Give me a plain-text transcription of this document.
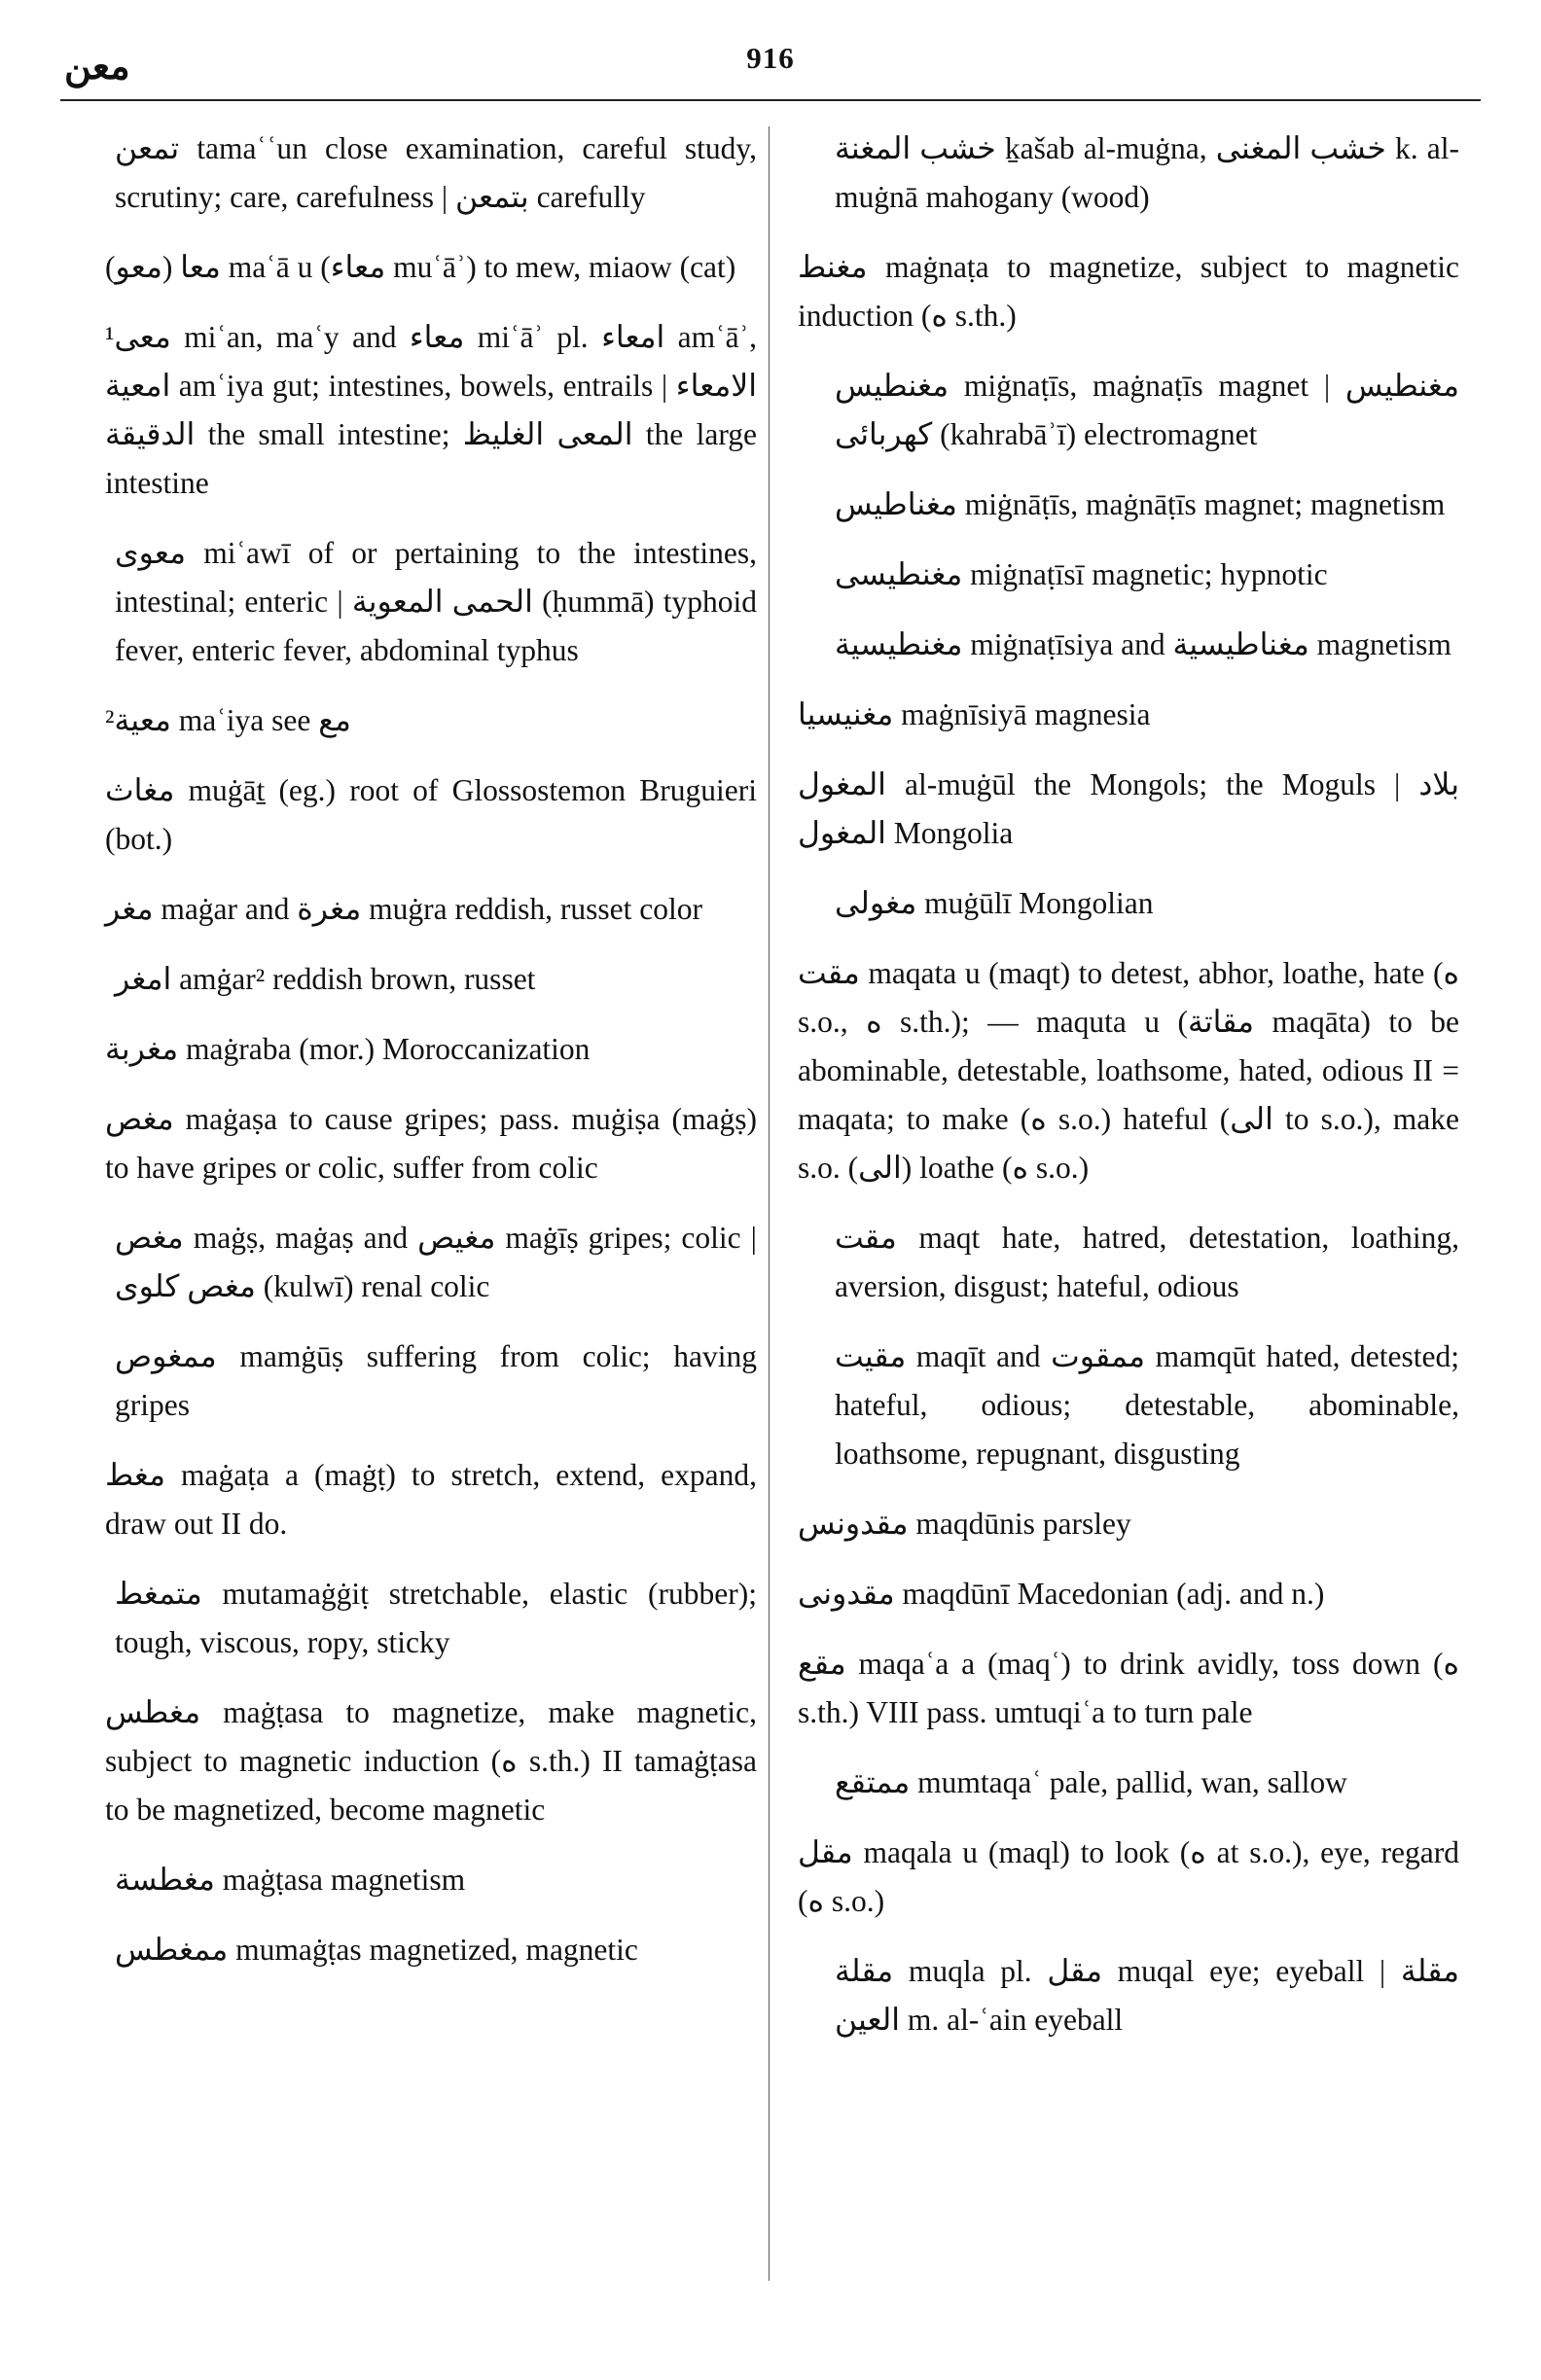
معن	916

تمعن tamaʿʿun close examination, careful study, scrutiny; care, carefulness | بتمعن carefully

(معو) معا maʿā u (معاء muʿāʾ) to mew, miaow (cat)

¹معى miʿan, maʿy and معاء miʿāʾ pl. امعاء amʿāʾ, امعية amʿiya gut; intestines, bowels, entrails | الامعاء الدقيقة the small intestine; المعى الغليظ the large intestine

معوى miʿawī of or pertaining to the intestines, intestinal; enteric | الحمى المعوية (ḥummā) typhoid fever, enteric fever, abdominal typhus

²معية maʿiya see مع

مغاث muġāṯ (eg.) root of Glossostemon Bruguieri (bot.)

مغر maġar and مغرة muġra reddish, russet color

امغر amġar² reddish brown, russet

مغربة maġraba (mor.) Moroccanization

مغص maġaṣa to cause gripes; pass. muġiṣa (maġṣ) to have gripes or colic, suffer from colic

مغص maġṣ, maġaṣ and مغيص maġīṣ gripes; colic | مغص كلوى (kulwī) renal colic

ممغوص mamġūṣ suffering from colic; having gripes

مغط maġaṭa a (maġṭ) to stretch, extend, expand, draw out II do.

متمغط mutamaġġiṭ stretchable, elastic (rubber); tough, viscous, ropy, sticky

مغطس maġṭasa to magnetize, make magnetic, subject to magnetic induction (ه s.th.) II tamaġṭasa to be magnetized, become magnetic

مغطسة maġṭasa magnetism

ممغطس mumaġṭas magnetized, magnetic

خشب المغنة ḵašab al-muġna, خشب المغنى k. al-muġnā mahogany (wood)

مغنط maġnaṭa to magnetize, subject to magnetic induction (ه s.th.)

مغنطيس miġnaṭīs, maġnaṭīs magnet | مغنطيس كهربائى (kahrabāʾī) electromagnet

مغناطيس miġnāṭīs, maġnāṭīs magnet; magnetism

مغنطيسى miġnaṭīsī magnetic; hypnotic

مغنطيسية miġnaṭīsiya and مغناطيسية magnetism

مغنيسيا maġnīsiyā magnesia

المغول al-muġūl the Mongols; the Moguls | بلاد المغول Mongolia

مغولى muġūlī Mongolian

مقت maqata u (maqt) to detest, abhor, loathe, hate (ه s.o., ه s.th.); — maquta u (مقاتة maqāta) to be abominable, detestable, loathsome, hated, odious II = maqata; to make (ه s.o.) hateful (الى to s.o.), make s.o. (الى) loathe (ه s.o.)

مقت maqt hate, hatred, detestation, loathing, aversion, disgust; hateful, odious

مقيت maqīt and ممقوت mamqūt hated, detested; hateful, odious; detestable, abominable, loathsome, repugnant, disgusting

مقدونس maqdūnis parsley

مقدونى maqdūnī Macedonian (adj. and n.)

مقع maqaʿa a (maqʿ) to drink avidly, toss down (ه s.th.) VIII pass. umtuqiʿa to turn pale

ممتقع mumtaqaʿ pale, pallid, wan, sallow

مقل maqala u (maql) to look (ه at s.o.), eye, regard (ه s.o.)

مقلة muqla pl. مقل muqal eye; eyeball | مقلة العين m. al-ʿain eyeball
